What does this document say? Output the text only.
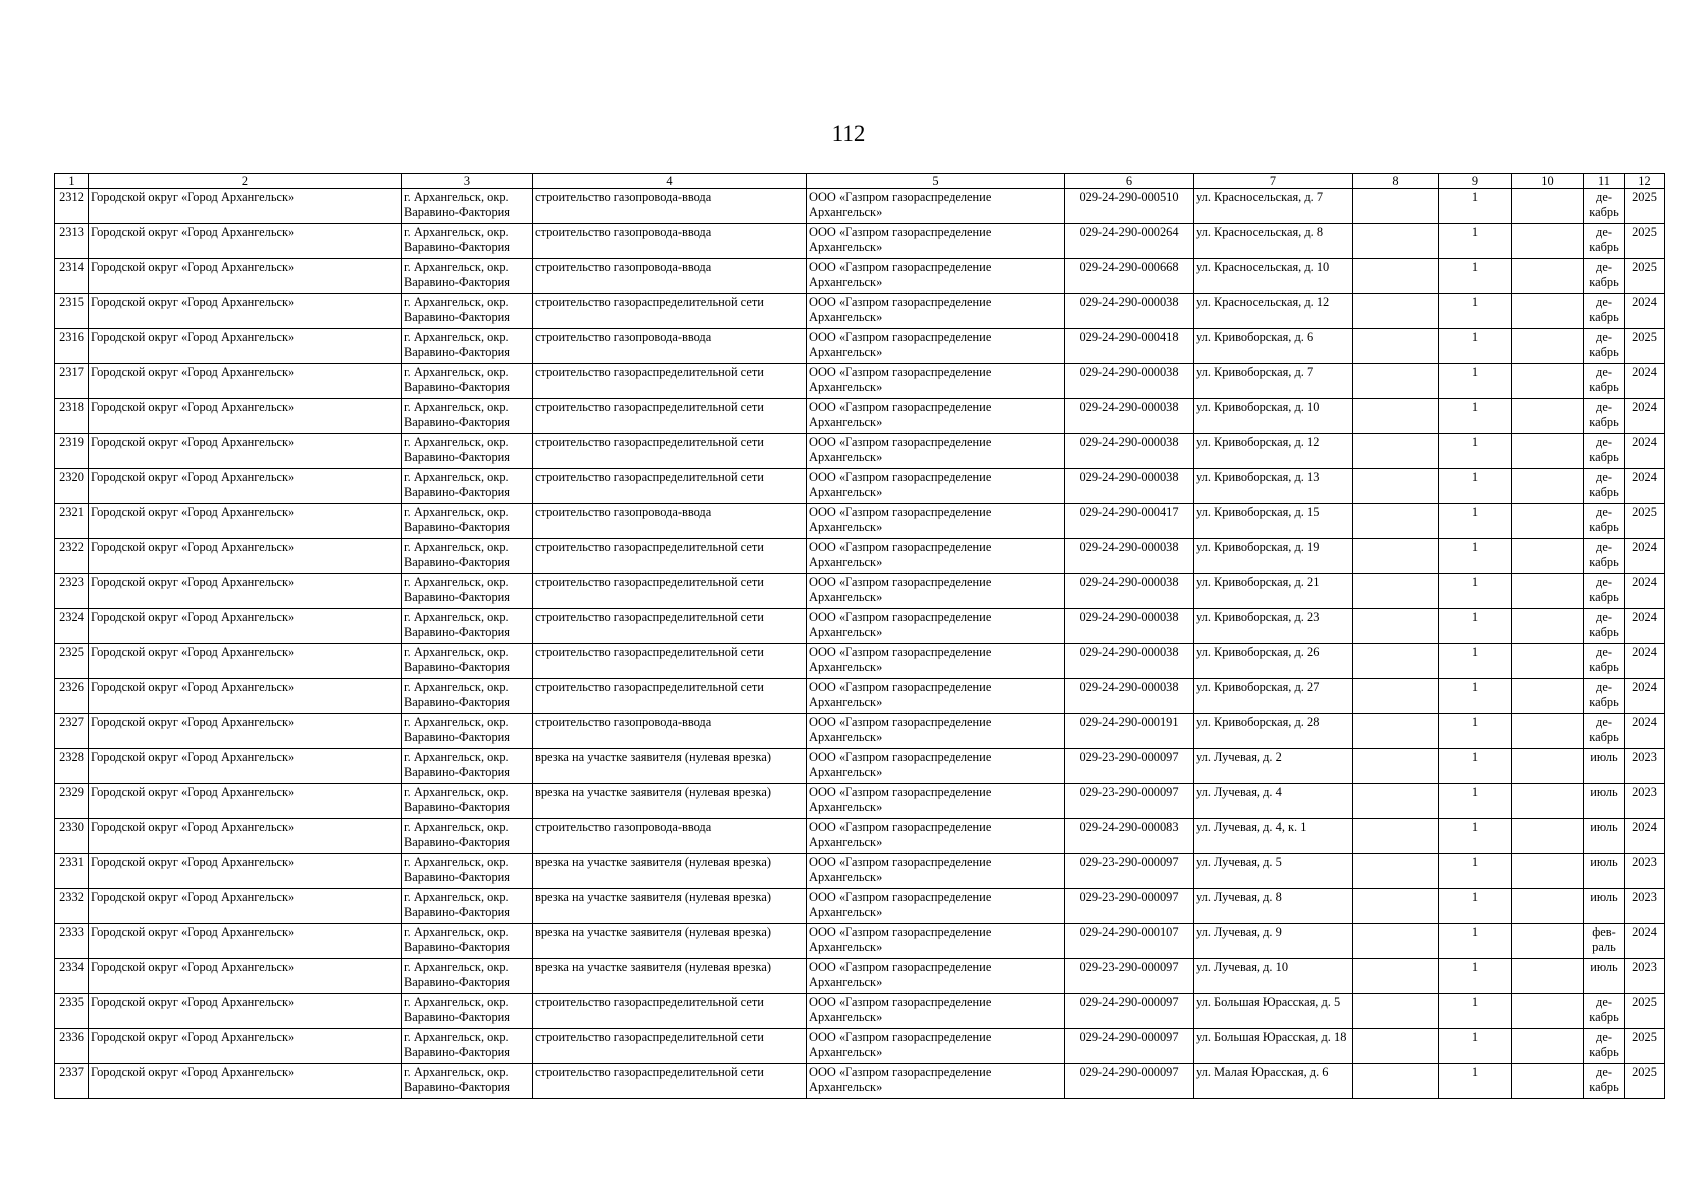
112
1	2	3	4	5	6	7	8	9	10	11	12
2312	Городской округ «Город Архангельск»	г. Архангельск, окр. Варавино-Фактория	строительство газопровода-ввода	ООО «Газпром газораспределение Архангельск»	029-24-290-000510	ул. Красносельская, д. 7		1		де-кабрь	2025
2313	Городской округ «Город Архангельск»	г. Архангельск, окр. Варавино-Фактория	строительство газопровода-ввода	ООО «Газпром газораспределение Архангельск»	029-24-290-000264	ул. Красносельская, д. 8		1		де-кабрь	2025
2314	Городской округ «Город Архангельск»	г. Архангельск, окр. Варавино-Фактория	строительство газопровода-ввода	ООО «Газпром газораспределение Архангельск»	029-24-290-000668	ул. Красносельская, д. 10		1		де-кабрь	2025
2315	Городской округ «Город Архангельск»	г. Архангельск, окр. Варавино-Фактория	строительство газораспределительной сети	ООО «Газпром газораспределение Архангельск»	029-24-290-000038	ул. Красносельская, д. 12		1		де-кабрь	2024
2316	Городской округ «Город Архангельск»	г. Архангельск, окр. Варавино-Фактория	строительство газопровода-ввода	ООО «Газпром газораспределение Архангельск»	029-24-290-000418	ул. Кривоборская, д. 6		1		де-кабрь	2025
2317	Городской округ «Город Архангельск»	г. Архангельск, окр. Варавино-Фактория	строительство газораспределительной сети	ООО «Газпром газораспределение Архангельск»	029-24-290-000038	ул. Кривоборская, д. 7		1		де-кабрь	2024
2318	Городской округ «Город Архангельск»	г. Архангельск, окр. Варавино-Фактория	строительство газораспределительной сети	ООО «Газпром газораспределение Архангельск»	029-24-290-000038	ул. Кривоборская, д. 10		1		де-кабрь	2024
2319	Городской округ «Город Архангельск»	г. Архангельск, окр. Варавино-Фактория	строительство газораспределительной сети	ООО «Газпром газораспределение Архангельск»	029-24-290-000038	ул. Кривоборская, д. 12		1		де-кабрь	2024
2320	Городской округ «Город Архангельск»	г. Архангельск, окр. Варавино-Фактория	строительство газораспределительной сети	ООО «Газпром газораспределение Архангельск»	029-24-290-000038	ул. Кривоборская, д. 13		1		де-кабрь	2024
2321	Городской округ «Город Архангельск»	г. Архангельск, окр. Варавино-Фактория	строительство газопровода-ввода	ООО «Газпром газораспределение Архангельск»	029-24-290-000417	ул. Кривоборская, д. 15		1		де-кабрь	2025
2322	Городской округ «Город Архангельск»	г. Архангельск, окр. Варавино-Фактория	строительство газораспределительной сети	ООО «Газпром газораспределение Архангельск»	029-24-290-000038	ул. Кривоборская, д. 19		1		де-кабрь	2024
2323	Городской округ «Город Архангельск»	г. Архангельск, окр. Варавино-Фактория	строительство газораспределительной сети	ООО «Газпром газораспределение Архангельск»	029-24-290-000038	ул. Кривоборская, д. 21		1		де-кабрь	2024
2324	Городской округ «Город Архангельск»	г. Архангельск, окр. Варавино-Фактория	строительство газораспределительной сети	ООО «Газпром газораспределение Архангельск»	029-24-290-000038	ул. Кривоборская, д. 23		1		де-кабрь	2024
2325	Городской округ «Город Архангельск»	г. Архангельск, окр. Варавино-Фактория	строительство газораспределительной сети	ООО «Газпром газораспределение Архангельск»	029-24-290-000038	ул. Кривоборская, д. 26		1		де-кабрь	2024
2326	Городской округ «Город Архангельск»	г. Архангельск, окр. Варавино-Фактория	строительство газораспределительной сети	ООО «Газпром газораспределение Архангельск»	029-24-290-000038	ул. Кривоборская, д. 27		1		де-кабрь	2024
2327	Городской округ «Город Архангельск»	г. Архангельск, окр. Варавино-Фактория	строительство газопровода-ввода	ООО «Газпром газораспределение Архангельск»	029-24-290-000191	ул. Кривоборская, д. 28		1		де-кабрь	2024
2328	Городской округ «Город Архангельск»	г. Архангельск, окр. Варавино-Фактория	врезка на участке заявителя (нулевая врезка)	ООО «Газпром газораспределение Архангельск»	029-23-290-000097	ул. Лучевая, д. 2		1		июль	2023
2329	Городской округ «Город Архангельск»	г. Архангельск, окр. Варавино-Фактория	врезка на участке заявителя (нулевая врезка)	ООО «Газпром газораспределение Архангельск»	029-23-290-000097	ул. Лучевая, д. 4		1		июль	2023
2330	Городской округ «Город Архангельск»	г. Архангельск, окр. Варавино-Фактория	строительство газопровода-ввода	ООО «Газпром газораспределение Архангельск»	029-24-290-000083	ул. Лучевая, д. 4, к. 1		1		июль	2024
2331	Городской округ «Город Архангельск»	г. Архангельск, окр. Варавино-Фактория	врезка на участке заявителя (нулевая врезка)	ООО «Газпром газораспределение Архангельск»	029-23-290-000097	ул. Лучевая, д. 5		1		июль	2023
2332	Городской округ «Город Архангельск»	г. Архангельск, окр. Варавино-Фактория	врезка на участке заявителя (нулевая врезка)	ООО «Газпром газораспределение Архангельск»	029-23-290-000097	ул. Лучевая, д. 8		1		июль	2023
2333	Городской округ «Город Архангельск»	г. Архангельск, окр. Варавино-Фактория	врезка на участке заявителя (нулевая врезка)	ООО «Газпром газораспределение Архангельск»	029-24-290-000107	ул. Лучевая, д. 9		1		фев-раль	2024
2334	Городской округ «Город Архангельск»	г. Архангельск, окр. Варавино-Фактория	врезка на участке заявителя (нулевая врезка)	ООО «Газпром газораспределение Архангельск»	029-23-290-000097	ул. Лучевая, д. 10		1		июль	2023
2335	Городской округ «Город Архангельск»	г. Архангельск, окр. Варавино-Фактория	строительство газораспределительной сети	ООО «Газпром газораспределение Архангельск»	029-24-290-000097	ул. Большая Юрасская, д. 5		1		де-кабрь	2025
2336	Городской округ «Город Архангельск»	г. Архангельск, окр. Варавино-Фактория	строительство газораспределительной сети	ООО «Газпром газораспределение Архангельск»	029-24-290-000097	ул. Большая Юрасская, д. 18		1		де-кабрь	2025
2337	Городской округ «Город Архангельск»	г. Архангельск, окр. Варавино-Фактория	строительство газораспределительной сети	ООО «Газпром газораспределение Архангельск»	029-24-290-000097	ул. Малая Юрасская, д. 6		1		де-кабрь	2025
